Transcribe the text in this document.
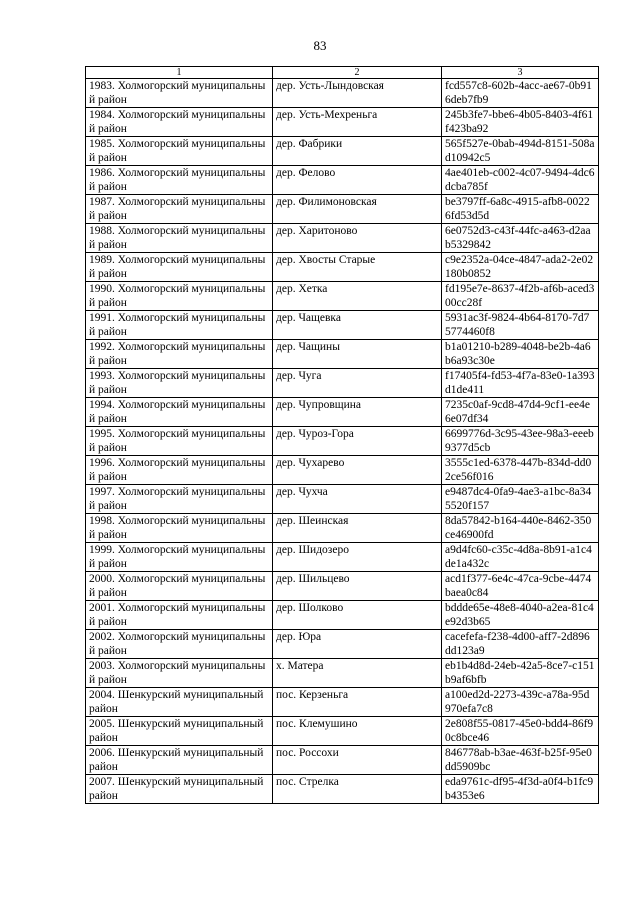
83
1	2	3

1983. Холмогорский муниципальный район	дер. Усть-Лындовская	fcd557c8-602b-4acc-ae67-0b916deb7fb9

1984. Холмогорский муниципальный район	дер. Усть-Мехреньга	245b3fe7-bbe6-4b05-8403-4f61f423ba92

1985. Холмогорский муниципальный район	дер. Фабрики	565f527e-0bab-494d-8151-508ad10942c5

1986. Холмогорский муниципальный район	дер. Фелово	4ae401eb-c002-4c07-9494-4dc6dcba785f

1987. Холмогорский муниципальный район	дер. Филимоновская	be3797ff-6a8c-4915-afb8-00226fd53d5d

1988. Холмогорский муниципальный район	дер. Харитоново	6e0752d3-c43f-44fc-a463-d2aab5329842

1989. Холмогорский муниципальный район	дер. Хвосты Старые	c9e2352a-04ce-4847-ada2-2e02180b0852

1990. Холмогорский муниципальный район	дер. Хетка	fd195e7e-8637-4f2b-af6b-aced300cc28f

1991. Холмогорский муниципальный район	дер. Чащевка	5931ac3f-9824-4b64-8170-7d75774460f8

1992. Холмогорский муниципальный район	дер. Чащины	b1a01210-b289-4048-be2b-4a6b6a93c30e

1993. Холмогорский муниципальный район	дер. Чуга	f17405f4-fd53-4f7a-83e0-1a393d1de411

1994. Холмогорский муниципальный район	дер. Чупровщина	7235c0af-9cd8-47d4-9cf1-ee4e6e07df34

1995. Холмогорский муниципальный район	дер. Чуроз-Гора	6699776d-3c95-43ee-98a3-eeeb9377d5cb

1996. Холмогорский муниципальный район	дер. Чухарево	3555c1ed-6378-447b-834d-dd02ce56f016

1997. Холмогорский муниципальный район	дер. Чухча	e9487dc4-0fa9-4ae3-a1bc-8a345520f157

1998. Холмогорский муниципальный район	дер. Шеинская	8da57842-b164-440e-8462-350ce46900fd

1999. Холмогорский муниципальный район	дер. Шидозеро	a9d4fc60-c35c-4d8a-8b91-a1c4de1a432c

2000. Холмогорский муниципальный район	дер. Шильцево	acd1f377-6e4c-47ca-9cbe-4474baea0c84

2001. Холмогорский муниципальный район	дер. Шолково	bddde65e-48e8-4040-a2ea-81c4e92d3b65

2002. Холмогорский муниципальный район	дер. Юра	cacefefa-f238-4d00-aff7-2d896dd123a9

2003. Холмогорский муниципальный район	х. Матера	eb1b4d8d-24eb-42a5-8ce7-c151b9af6bfb

2004. Шенкурский муниципальный район	пос. Керзеньга	a100ed2d-2273-439c-a78a-95d970efa7c8

2005. Шенкурский муниципальный район	пос. Клемушино	2e808f55-0817-45e0-bdd4-86f90c8bce46

2006. Шенкурский муниципальный район	пос. Россохи	846778ab-b3ae-463f-b25f-95e0dd5909bc

2007. Шенкурский муниципальный район	пос. Стрелка	eda9761c-df95-4f3d-a0f4-b1fc9b4353e6
